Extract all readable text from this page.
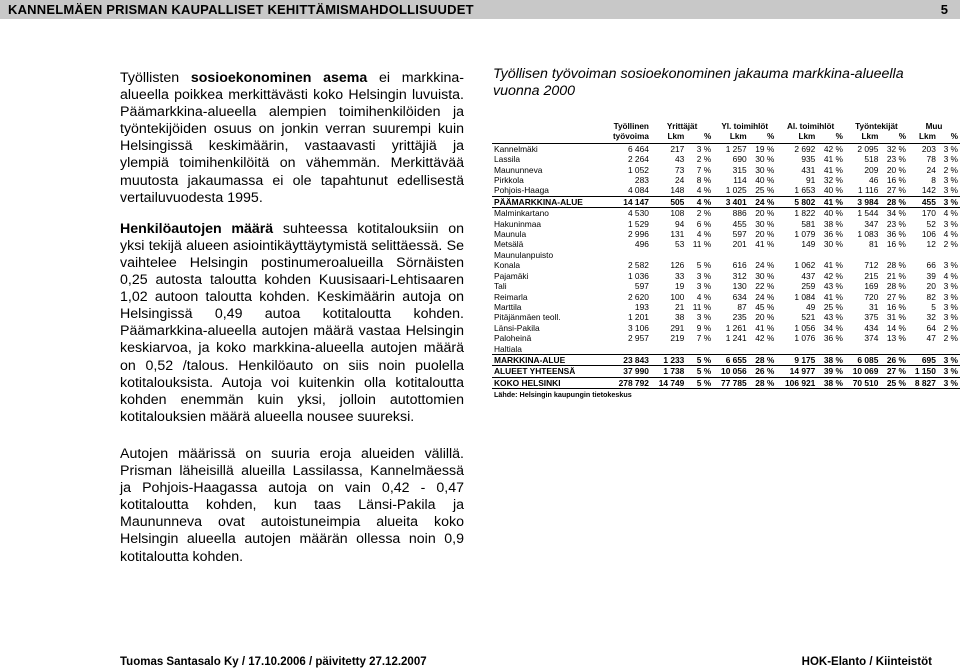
KANNELMÄEN PRISMAN KAUPALLISET KEHITTÄMISMAHDOLLISUUDET	5

Työllisten sosioekonominen asema ei markkina-alueella poikkea merkittävästi koko Helsingin luvuista. Päämarkkina-alueella alempien toimihenkilöiden ja työntekijöiden osuus on jonkin verran suurempi kuin Helsingissä keskimäärin, vastaavasti yrittäjiä ja ylempiä toimihenkilöitä on vähemmän. Merkittävää muutosta jakaumassa ei ole tapahtunut edellisestä vertailuvuodesta 1995.

Henkilöautojen määrä suhteessa kotitalouksiin on yksi tekijä alueen asiointikäyttäytymistä selittäessä. Se vaihtelee Helsingin postinumeroalueilla Sörnäisten 0,25 autosta taloutta kohden Kuusisaari-Lehtisaaren 1,02 autoon taloutta kohden. Keskimäärin autoja on Helsingissä 0,49 autoa kotitaloutta kohden. Päämarkkina-alueella autojen määrä vastaa Helsingin keskiarvoa, ja koko markkina-alueella autojen määrä on 0,52 /talous. Henkilöauto on siis noin puolella kotitalouksista. Autoja voi kuitenkin olla kotitaloutta kohden enemmän kuin yksi, jolloin autottomien kotitalouksien määrä alueella nousee suureksi.

Autojen määrissä on suuria eroja alueiden välillä. Prisman läheisillä alueilla Lassilassa, Kannelmäessä ja Pohjois-Haagassa autoja on vain 0,42 - 0,47 kotitaloutta kohden, kun taas Länsi-Pakila ja Maununneva ovat autoistuneimpia alueita koko Helsingin alueella autojen määrän ollessa noin 0,9 kotitaloutta kohden.

Työllisen työvoiman sosioekonominen jakauma markkina-alueella vuonna 2000
	Työllinen	Yrittäjät		Yl. toimihlöt		Al. toimihlöt		Työntekijät		Muu	
	työvoima	Lkm	%	Lkm	%	Lkm	%	Lkm	%	Lkm	%
Kannelmäki	6 464	217	3 %	1 257	19 %	2 692	42 %	2 095	32 %	203	3 %
Lassila	2 264	43	2 %	690	30 %	935	41 %	518	23 %	78	3 %
Maununneva	1 052	73	7 %	315	30 %	431	41 %	209	20 %	24	2 %
Pirkkola	283	24	8 %	114	40 %	91	32 %	46	16 %	8	3 %
Pohjois-Haaga	4 084	148	4 %	1 025	25 %	1 653	40 %	1 116	27 %	142	3 %
PÄÄMARKKINA-ALUE	14 147	505	4 %	3 401	24 %	5 802	41 %	3 984	28 %	455	3 %
Malminkartano	4 530	108	2 %	886	20 %	1 822	40 %	1 544	34 %	170	4 %
Hakuninmaa	1 529	94	6 %	455	30 %	581	38 %	347	23 %	52	3 %
Maunula	2 996	131	4 %	597	20 %	1 079	36 %	1 083	36 %	106	4 %
Metsälä	496	53	11 %	201	41 %	149	30 %	81	16 %	12	2 %
Maunulanpuisto											
Konala	2 582	126	5 %	616	24 %	1 062	41 %	712	28 %	66	3 %
Pajamäki	1 036	33	3 %	312	30 %	437	42 %	215	21 %	39	4 %
Tali	597	19	3 %	130	22 %	259	43 %	169	28 %	20	3 %
Reimarla	2 620	100	4 %	634	24 %	1 084	41 %	720	27 %	82	3 %
Marttila	193	21	11 %	87	45 %	49	25 %	31	16 %	5	3 %
Pitäjänmäen teoll.	1 201	38	3 %	235	20 %	521	43 %	375	31 %	32	3 %
Länsi-Pakila	3 106	291	9 %	1 261	41 %	1 056	34 %	434	14 %	64	2 %
Paloheinä	2 957	219	7 %	1 241	42 %	1 076	36 %	374	13 %	47	2 %
Haltiala											
MARKKINA-ALUE	23 843	1 233	5 %	6 655	28 %	9 175	38 %	6 085	26 %	695	3 %
ALUEET YHTEENSÄ	37 990	1 738	5 %	10 056	26 %	14 977	39 %	10 069	27 %	1 150	3 %
KOKO HELSINKI	278 792	14 749	5 %	77 785	28 %	106 921	38 %	70 510	25 %	8 827	3 %
Lähde: Helsingin kaupungin tietokeskus
Tuomas Santasalo Ky / 17.10.2006 / päivitetty 27.12.2007	HOK-Elanto / Kiinteistöt
